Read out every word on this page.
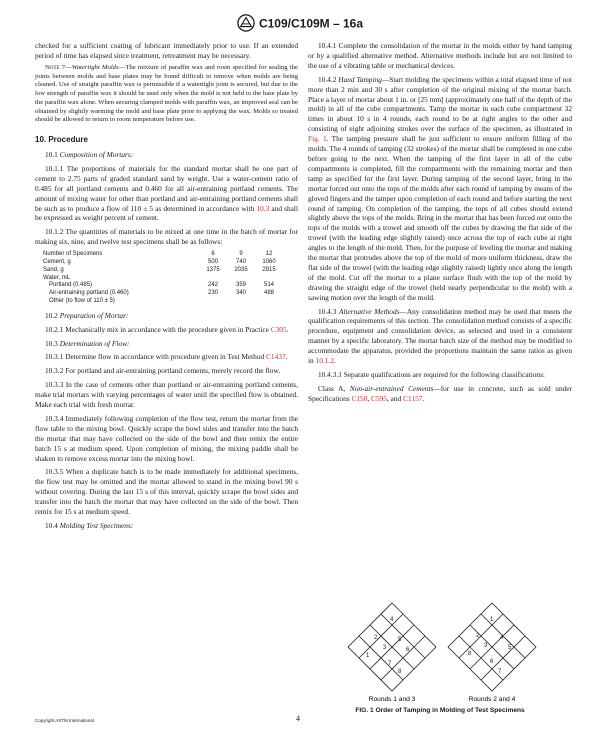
C109/C109M – 16a

checked for a sufficient coating of lubricant immediately prior to use. If an extended period of time has elapsed since treatment, retreatment may be necessary.

Note 7—Watertight Molds—The mixture of paraffin wax and rosin specified for sealing the joints between molds and base plates may be found difficult to remove when molds are being cleaned. Use of straight paraffin wax is permissible if a watertight joint is secured, but due to the low strength of paraffin wax it should be used only when the mold is not held to the base plate by the paraffin wax alone. When securing clamped molds with paraffin wax, an improved seal can be obtained by slightly warming the mold and base plate prior to applying the wax. Molds so treated should be allowed to return to room temperature before use.

10. Procedure

10.1 Composition of Mortars:

10.1.1 The proportions of materials for the standard mortar shall be one part of cement to 2.75 parts of graded standard sand by weight. Use a water-cement ratio of 0.485 for all portland cements and 0.460 for all air-entraining portland cements. The amount of mixing water for other than portland and air-entraining portland cements shall be such as to produce a flow of 110 ± 5 as determined in accordance with 10.3 and shall be expressed as weight percent of cement.

10.1.2 The quantities of materials to be mixed at one time in the batch of mortar for making six, nine, and twelve test specimens shall be as follows:

Number of Specimens	6	9	12
Cement, g	500	740	1060
Sand, g	1375	2035	2915
Water, mL			
Portland (0.485)	242	359	514
Air-entraining portland (0.460)	230	340	488
Other (to flow of 110 ± 5)			

10.2 Preparation of Mortar:

10.2.1 Mechanically mix in accordance with the procedure given in Practice C305.

10.3 Determination of Flow:

10.3.1 Determine flow in accordance with procedure given in Test Method C1437.

10.3.2 For portland and air-entraining portland cements, merely record the flow.

10.3.3 In the case of cements other than portland or air-entraining portland cements, make trial mortars with varying percentages of water until the specified flow is obtained. Make each trial with fresh mortar.

10.3.4 Immediately following completion of the flow test, return the mortar from the flow table to the mixing bowl. Quickly scrape the bowl sides and transfer into the batch the mortar that may have collected on the side of the bowl and then remix the entire batch 15 s at medium speed. Upon completion of mixing, the mixing paddle shall be shaken to remove excess mortar into the mixing bowl.

10.3.5 When a duplicate batch is to be made immediately for additional specimens, the flow test may be omitted and the mortar allowed to stand in the mixing bowl 90 s without covering. During the last 15 s of this interval, quickly scrape the bowl sides and transfer into the batch the mortar that may have collected on the side of the bowl. Then remix for 15 s at medium speed.

10.4 Molding Test Specimens:

10.4.1 Complete the consolidation of the mortar in the molds either by hand tamping or by a qualified alternative method. Alternative methods include but are not limited to the use of a vibrating table or mechanical devices.

10.4.2 Hand Tamping—Start molding the specimens within a total elapsed time of not more than 2 min and 30 s after completion of the original mixing of the mortar batch. Place a layer of mortar about 1 in. or [25 mm] (approximately one half of the depth of the mold) in all of the cube compartments. Tamp the mortar in each cube compartment 32 times in about 10 s in 4 rounds, each round to be at right angles to the other and consisting of eight adjoining strokes over the surface of the specimen, as illustrated in Fig. 1. The tamping pressure shall be just sufficient to ensure uniform filling of the molds. The 4 rounds of tamping (32 strokes) of the mortar shall be completed in one cube before going to the next. When the tamping of the first layer in all of the cube compartments is completed, fill the compartments with the remaining mortar and then tamp as specified for the first layer. During tamping of the second layer, bring in the mortar forced out onto the tops of the molds after each round of tamping by means of the gloved fingers and the tamper upon completion of each round and before starting the next round of tamping. On completion of the tamping, the tops of all cubes should extend slightly above the tops of the molds. Bring in the mortar that has been forced out onto the tops of the molds with a trowel and smooth off the cubes by drawing the flat side of the trowel (with the leading edge slightly raised) once across the top of each cube at right angles to the length of the mold. Then, for the purpose of leveling the mortar and making the mortar that protrudes above the top of the mold of more uniform thickness, draw the flat side of the trowel (with the leading edge slightly raised) lightly once along the length of the mold. Cut off the mortar to a plane surface flush with the top of the mold by drawing the straight edge of the trowel (held nearly perpendicular to the mold) with a sawing motion over the length of the mold.

10.4.3 Alternative Methods—Any consolidation method may be used that meets the qualification requirements of this section. The consolidation method consists of a specific procedure, equipment and consolidation device, as selected and used in a consistent manner by a specific laboratory. The mortar batch size of the method may be modified to accommodate the apparatus, provided the proportions maintain the same ratios as given in 10.1.2.

10.4.3.1 Separate qualifications are required for the following classifications:

Class A, Non-air-entrained Cements—for use in concrete, such as sold under Specifications C150, C595, and C1157.

4
2
3
5
6
7
8
1
1
2
3
4
5
6
7
8
Rounds 1 and 3	Rounds 2 and 4
FIG. 1 Order of Tamping in Molding of Test Specimens
Copyright ASTM International	4
